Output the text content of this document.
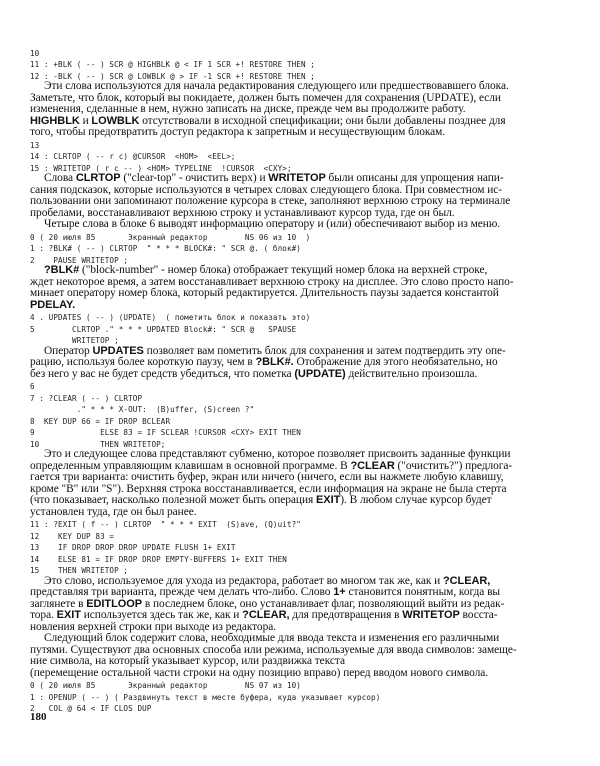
10
11 : +BLK ( -- ) SCR @ HIGHBLK @ < IF 1 SCR +! RESTORE THEN ;
12 : -BLK ( -- ) SCR @ LOWBLK @ > IF -1 SCR +! RESTORE THEN ;
Эти слова используются для начала редактирования следующего или предшествовавшего блока.
Заметьте, что блок, который вы покидаете, должен быть помечен для сохранения (UPDATE), если
изменения, сделанные в нем, нужно записать на диске, прежде чем вы продолжите работу.
HIGHBLK и LOWBLK отсутствовали в исходной спецификации; они были добавлены позднее для
того, чтобы предотвратить доступ редактора к запретным и несуществующим блокам.
13
14 : CLRTOP ( -- r c) @CURSOR  <HOM>  <EEL>;
15 : WRITETOP ( r c -- ) <HOM> TYPELINE  !CURSOR  <CXY>;
Слова CLRTOP ("clear-top" - очистить верх) и WRITETOP были описаны для упрощения напи-
сания подсказок, которые используются в четырех словах следующего блока. При совместном ис-
пользовании они запоминают положение курсора в стеке, заполняют верхнюю строку на терминале
пробелами, восстанавливают верхнюю строку и устанавливают курсор туда, где он был.
Четыре слова в блоке 6 выводят информацию оператору и (или) обеспечивают выбор из меню.
0 ( 20 июля 85       Экранный редактор        NS 06 из 10  )
1 : ?BLK# ( -- ) CLRTOP  " * * * BLOCK#: " SCR @. ( блок#)
2    PAUSE WRITETOP ;
?BLK# ("block-number" - номер блока) отображает текущий номер блока на верхней строке,
ждет некоторое время, а затем восстанавливает верхнюю строку на дисплее. Это слово просто напо-
минает оператору номер блока, который редактируется. Длительность паузы задается константой
PDELAY.
4 . UPDATES ( -- ) (UPDATE)  ( пометить блок и показать это)
5        CLRTOP ." * * * UPDATED Block#: " SCR @   SPAUSE
WRITETOP ;
Оператор UPDATES позволяет вам пометить блок для сохранения и затем подтвердить эту опе-
рацию, используя более короткую паузу, чем в ?BLK#. Отображение для этого необязательно, но
без него у вас не будет средств убедиться, что пометка (UPDATE) действительно произошла.
6
7 : ?CLEAR ( -- ) CLRTOP
." * * * X-OUT:  (B)uffer, (S)creen ?"
8  KEY DUP 66 = IF DROP BCLEAR
9              ELSE 83 = IF SCLEAR !CURSOR <CXY> EXIT THEN
10             THEN WRITETOP;
Это и следующее слова представляют субменю, которое позволяет присвоить заданные функции
определенным управляющим клавишам в основной программе. В ?CLEAR ("очистить?") предлога-
гается три варианта: очистить буфер, экран или ничего (ничего, если вы нажмете любую клавишу,
кроме "B" или "S"). Верхняя строка восстанавливается, если информация на экране не была стерта
(что показывает, насколько полезной может быть операция EXIT). В любом случае курсор будет
установлен туда, где он был ранее.
11 : ?EXIT ( f -- ) CLRTOP  " * * * EXIT  (S)ave, (Q)uit?"
12    KEY DUP 83 =
13    IF DROP DROP DROP UPDATE FLUSH 1+ EXIT
14    ELSE 81 = IF DROP DROP EMPTY-BUFFERS 1+ EXIT THEN
15    THEN WRITETOP ;
Это слово, используемое для ухода из редактора, работает во многом так же, как и ?CLEAR,
представляя три варианта, прежде чем делать что-либо. Слово 1+ становится понятным, когда вы
заглянете в EDITLOOP в последнем блоке, оно устанавливает флаг, позволяющий выйти из редак-
тора. EXIT используется здесь так же, как и ?CLEAR, для предотвращения в WRITETOP восста-
новления верхней строки при выходе из редактора.
Следующий блок содержит слова, необходимые для ввода текста и изменения его различными
путями. Существуют два основных способа или режима, используемые для ввода символов: замеще-
ние символа, на который указывает курсор, или раздвижка текста
(перемещение остальной части строки на одну позицию вправо) перед вводом нового символа.
0 ( 20 июля 85       Экранный редактор        NS 07 из 10)
1 : OPENUP ( -- ) ( Раздвинуть текст в месте буфера, куда указывает курсор)
2   COL @ 64 < IF CLOS DUP
180
